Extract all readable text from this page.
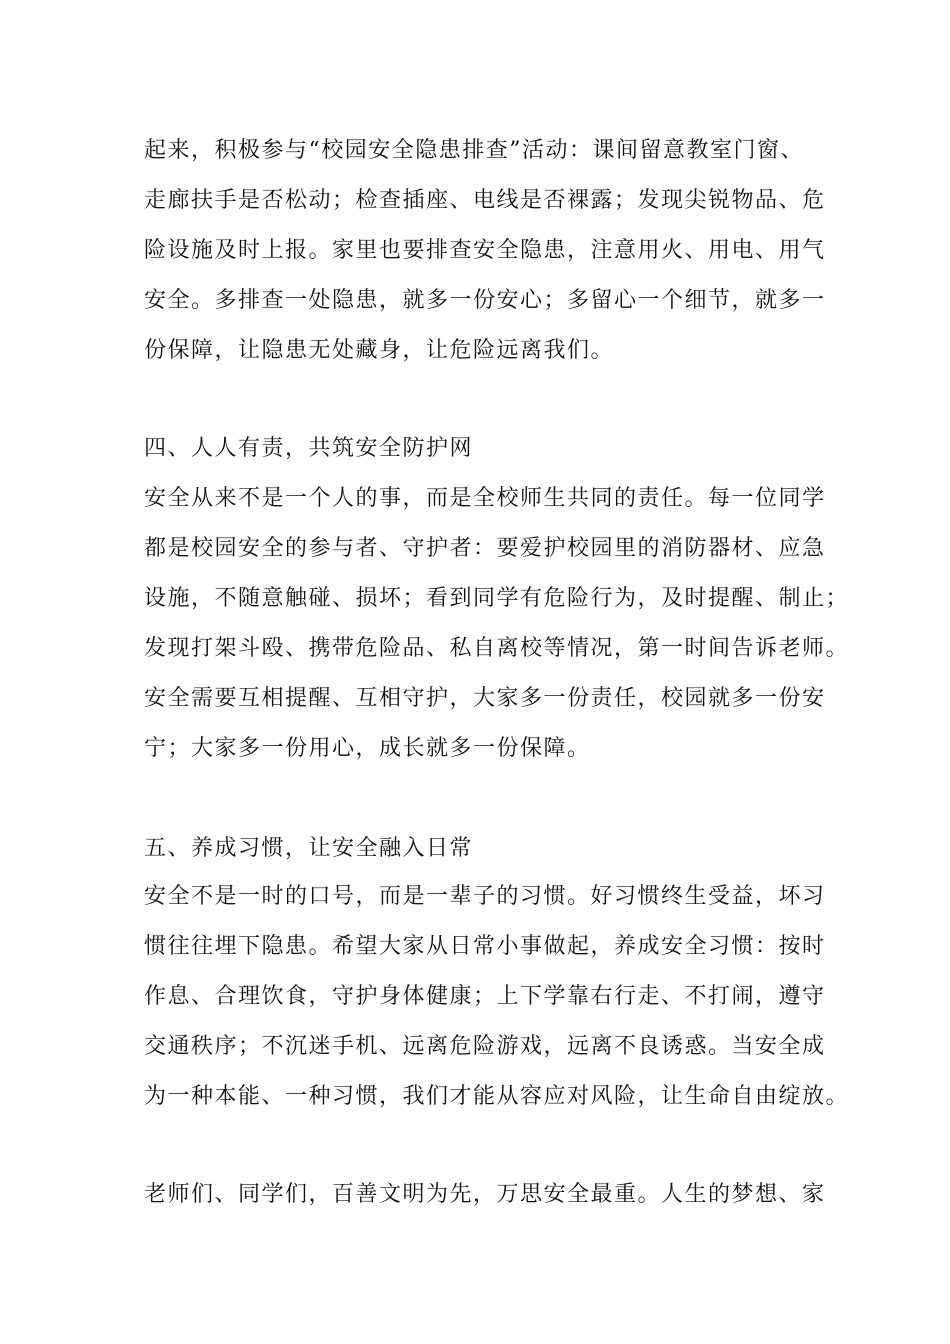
起来，积极参与“校园安全隐患排查”活动：课间留意教室门窗、
走廊扶手是否松动；检查插座、电线是否裸露；发现尖锐物品、危
险设施及时上报。家里也要排查安全隐患，注意用火、用电、用气
安全。多排查一处隐患，就多一份安心；多留心一个细节，就多一
份保障，让隐患无处藏身，让危险远离我们。
四、人人有责，共筑安全防护网
安全从来不是一个人的事，而是全校师生共同的责任。每一位同学
都是校园安全的参与者、守护者：要爱护校园里的消防器材、应急
设施，不随意触碰、损坏；看到同学有危险行为，及时提醒、制止；
发现打架斗殴、携带危险品、私自离校等情况，第一时间告诉老师。
安全需要互相提醒、互相守护，大家多一份责任，校园就多一份安
宁；大家多一份用心，成长就多一份保障。
五、养成习惯，让安全融入日常
安全不是一时的口号，而是一辈子的习惯。好习惯终生受益，坏习
惯往往埋下隐患。希望大家从日常小事做起，养成安全习惯：按时
作息、合理饮食，守护身体健康；上下学靠右行走、不打闹，遵守
交通秩序；不沉迷手机、远离危险游戏，远离不良诱惑。当安全成
为一种本能、一种习惯，我们才能从容应对风险，让生命自由绽放。
老师们、同学们，百善文明为先，万思安全最重。人生的梦想、家
